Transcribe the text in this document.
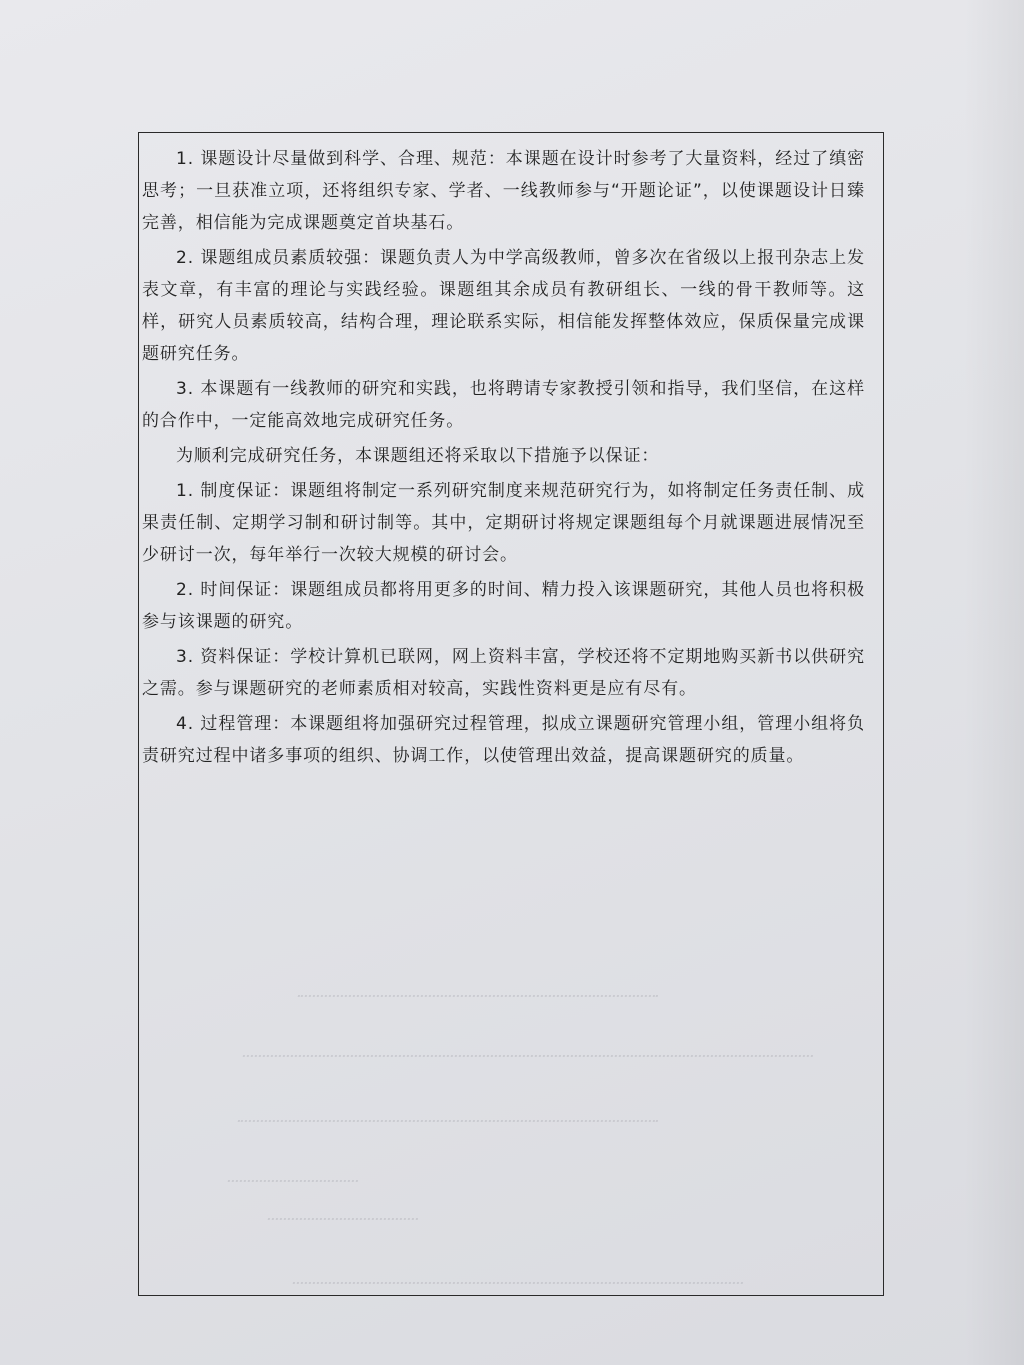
1. 课题设计尽量做到科学、合理、规范：本课题在设计时参考了大量资料，经过了缜密思考；一旦获准立项，还将组织专家、学者、一线教师参与“开题论证”，以使课题设计日臻完善，相信能为完成课题奠定首块基石。

2. 课题组成员素质较强：课题负责人为中学高级教师，曾多次在省级以上报刊杂志上发表文章，有丰富的理论与实践经验。课题组其余成员有教研组长、一线的骨干教师等。这样，研究人员素质较高，结构合理，理论联系实际，相信能发挥整体效应，保质保量完成课题研究任务。

3. 本课题有一线教师的研究和实践，也将聘请专家教授引领和指导，我们坚信，在这样的合作中，一定能高效地完成研究任务。

为顺利完成研究任务，本课题组还将采取以下措施予以保证：

1. 制度保证：课题组将制定一系列研究制度来规范研究行为，如将制定任务责任制、成果责任制、定期学习制和研讨制等。其中，定期研讨将规定课题组每个月就课题进展情况至少研讨一次，每年举行一次较大规模的研讨会。

2. 时间保证：课题组成员都将用更多的时间、精力投入该课题研究，其他人员也将积极参与该课题的研究。

3. 资料保证：学校计算机已联网，网上资料丰富，学校还将不定期地购买新书以供研究之需。参与课题研究的老师素质相对较高，实践性资料更是应有尽有。

4. 过程管理：本课题组将加强研究过程管理，拟成立课题研究管理小组，管理小组将负责研究过程中诸多事项的组织、协调工作，以使管理出效益，提高课题研究的质量。
